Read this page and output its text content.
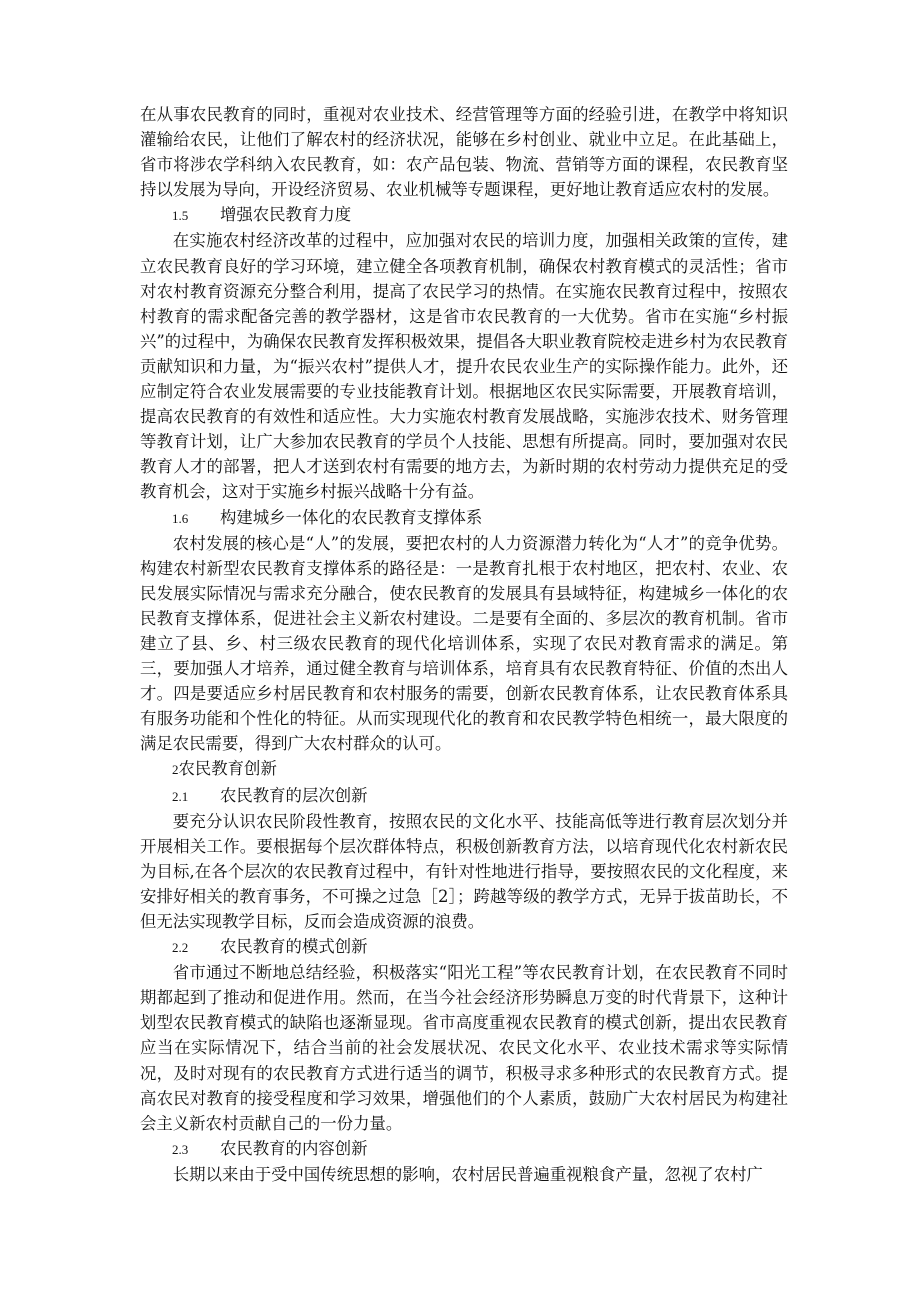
在从事农民教育的同时，重视对农业技术、经营管理等方面的经验引进，在教学中将知识灌输给农民，让他们了解农村的经济状况，能够在乡村创业、就业中立足。在此基础上，省市将涉农学科纳入农民教育，如：农产品包装、物流、营销等方面的课程，农民教育坚持以发展为导向，开设经济贸易、农业机械等专题课程，更好地让教育适应农村的发展。

1.5 增强农民教育力度

在实施农村经济改革的过程中，应加强对农民的培训力度，加强相关政策的宣传，建立农民教育良好的学习环境，建立健全各项教育机制，确保农村教育模式的灵活性；省市对农村教育资源充分整合利用，提高了农民学习的热情。在实施农民教育过程中，按照农村教育的需求配备完善的教学器材，这是省市农民教育的一大优势。省市在实施“乡村振兴”的过程中，为确保农民教育发挥积极效果，提倡各大职业教育院校走进乡村为农民教育贡献知识和力量，为“振兴农村”提供人才，提升农民农业生产的实际操作能力。此外，还应制定符合农业发展需要的专业技能教育计划。根据地区农民实际需要，开展教育培训，提高农民教育的有效性和适应性。大力实施农村教育发展战略，实施涉农技术、财务管理等教育计划，让广大参加农民教育的学员个人技能、思想有所提高。同时，要加强对农民教育人才的部署，把人才送到农村有需要的地方去，为新时期的农村劳动力提供充足的受教育机会，这对于实施乡村振兴战略十分有益。

1.6 构建城乡一体化的农民教育支撑体系

农村发展的核心是“人”的发展，要把农村的人力资源潜力转化为“人才”的竞争优势。构建农村新型农民教育支撑体系的路径是：一是教育扎根于农村地区，把农村、农业、农民发展实际情况与需求充分融合，使农民教育的发展具有县域特征，构建城乡一体化的农民教育支撑体系，促进社会主义新农村建设。二是要有全面的、多层次的教育机制。省市建立了县、乡、村三级农民教育的现代化培训体系，实现了农民对教育需求的满足。第三，要加强人才培养，通过健全教育与培训体系，培育具有农民教育特征、价值的杰出人才。四是要适应乡村居民教育和农村服务的需要，创新农民教育体系，让农民教育体系具有服务功能和个性化的特征。从而实现现代化的教育和农民教学特色相统一，最大限度的满足农民需要，得到广大农村群众的认可。

2农民教育创新
2.1 农民教育的层次创新

要充分认识农民阶段性教育，按照农民的文化水平、技能高低等进行教育层次划分并开展相关工作。要根据每个层次群体特点，积极创新教育方法，以培育现代化农村新农民为目标,在各个层次的农民教育过程中，有针对性地进行指导，要按照农民的文化程度，来安排好相关的教育事务，不可操之过急［2］；跨越等级的教学方式，无异于拔苗助长，不但无法实现教学目标，反而会造成资源的浪费。

2.2 农民教育的模式创新

省市通过不断地总结经验，积极落实“阳光工程”等农民教育计划，在农民教育不同时期都起到了推动和促进作用。然而，在当今社会经济形势瞬息万变的时代背景下，这种计划型农民教育模式的缺陷也逐渐显现。省市高度重视农民教育的模式创新，提出农民教育应当在实际情况下，结合当前的社会发展状况、农民文化水平、农业技术需求等实际情况，及时对现有的农民教育方式进行适当的调节，积极寻求多种形式的农民教育方式。提高农民对教育的接受程度和学习效果，增强他们的个人素质，鼓励广大农村居民为构建社会主义新农村贡献自己的一份力量。

2.3 农民教育的内容创新

长期以来由于受中国传统思想的影响，农村居民普遍重视粮食产量，忽视了农村广
